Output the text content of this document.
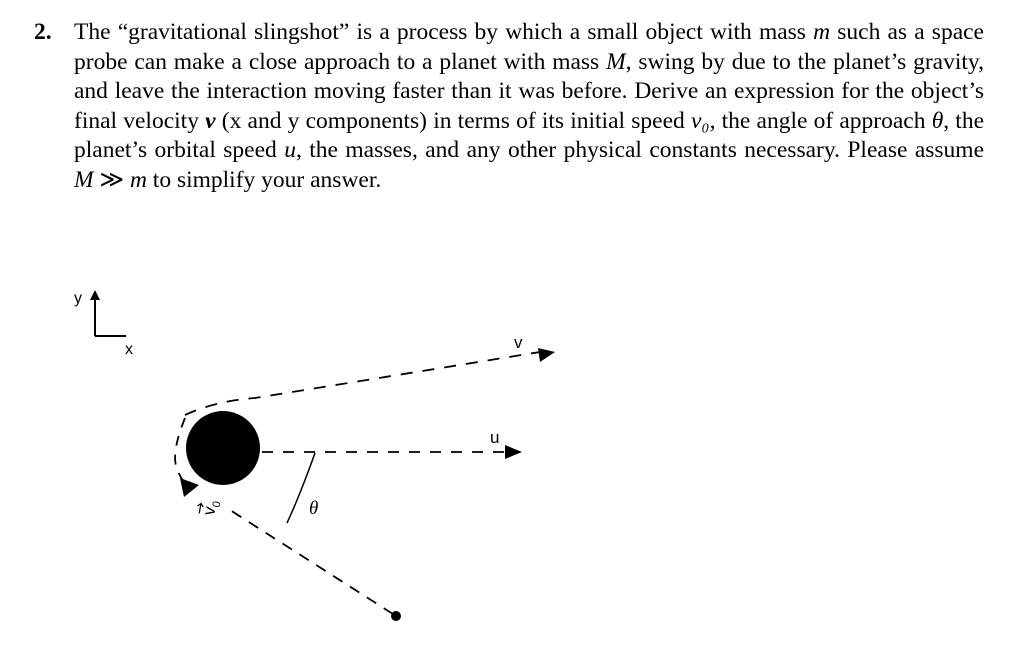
2. The “gravitational slingshot” is a process by which a small object with mass m such as a space probe can make a close approach to a planet with mass M, swing by due to the planet’s gravity, and leave the interaction moving faster than it was before. Derive an expression for the object’s final velocity v (x and y components) in terms of its initial speed v₀, the angle of approach θ, the planet’s orbital speed u, the masses, and any other physical constants necessary. Please assume M ≫ m to simplify your answer.
y
x	v
u
θ
v
0
